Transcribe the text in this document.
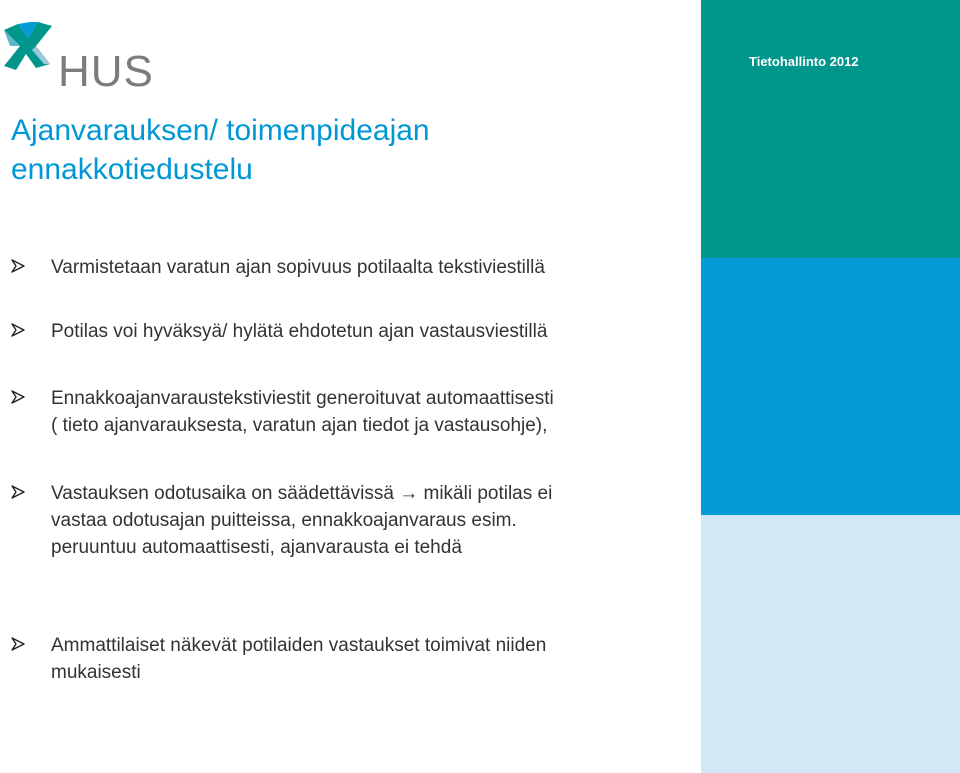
HUS	Tietohallinto 2012
Ajanvarauksen/ toimenpideajan
ennakkotiedustelu
Varmistetaan varatun ajan sopivuus potilaalta tekstiviestillä
Potilas voi hyväksyä/ hylätä ehdotetun ajan vastausviestillä
Ennakkoajanvaraustekstiviestit generoituvat automaattisesti
( tieto ajanvarauksesta, varatun ajan tiedot ja vastausohje),
Vastauksen odotusaika on säädettävissä → mikäli potilas ei
vastaa odotusajan puitteissa, ennakkoajanvaraus esim.
peruuntuu automaattisesti, ajanvarausta ei tehdä
Ammattilaiset näkevät potilaiden vastaukset toimivat niiden
mukaisesti
